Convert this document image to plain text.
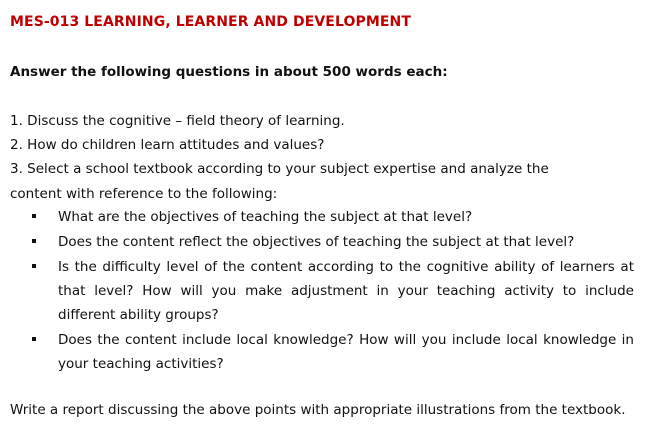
MES-013 LEARNING, LEARNER AND DEVELOPMENT
Answer the following questions in about 500 words each:
1. Discuss the cognitive – field theory of learning.
2. How do children learn attitudes and values?
3. Select a school textbook according to your subject expertise and analyze the
content with reference to the following:
What are the objectives of teaching the subject at that level?
Does the content reflect the objectives of teaching the subject at that level?
Is the difficulty level of the content according to the cognitive ability of learners at that level? How will you make adjustment in your teaching activity to include different ability groups?
Does the content include local knowledge? How will you include local knowledge in your teaching activities?
Write a report discussing the above points with appropriate illustrations from the textbook.
